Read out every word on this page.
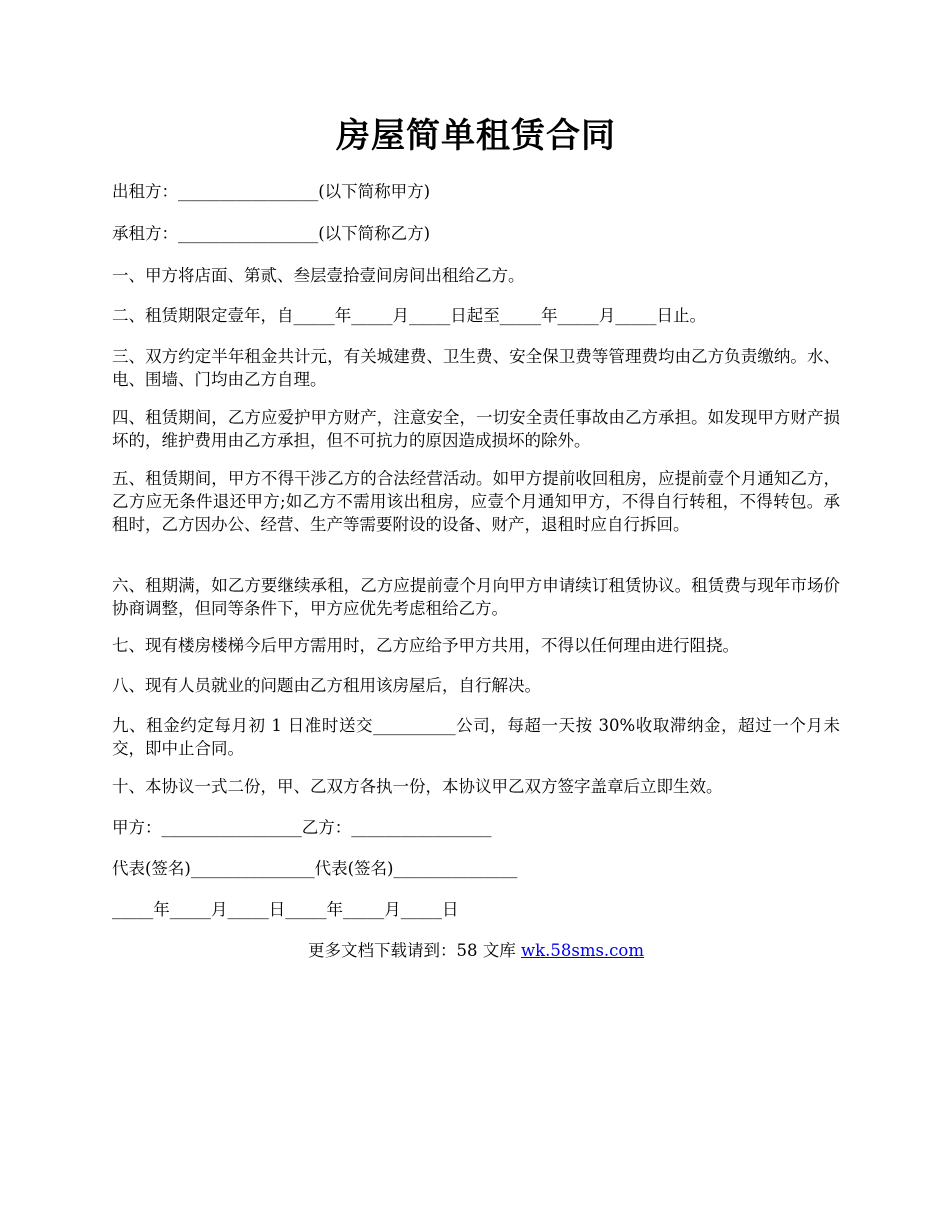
房屋简单租赁合同
出租方：_________________(以下简称甲方)
承租方：_________________(以下简称乙方)
一、甲方将店面、第贰、叁层壹拾壹间房间出租给乙方。
二、租赁期限定壹年，自_____年_____月_____日起至_____年_____月_____日止。
三、双方约定半年租金共计元，有关城建费、卫生费、安全保卫费等管理费均由乙方负责缴纳。水、电、围墙、门均由乙方自理。
四、租赁期间，乙方应爱护甲方财产，注意安全，一切安全责任事故由乙方承担。如发现甲方财产损坏的，维护费用由乙方承担，但不可抗力的原因造成损坏的除外。
五、租赁期间，甲方不得干涉乙方的合法经营活动。如甲方提前收回租房，应提前壹个月通知乙方，乙方应无条件退还甲方;如乙方不需用该出租房，应壹个月通知甲方，不得自行转租，不得转包。承租时，乙方因办公、经营、生产等需要附设的设备、财产，退租时应自行拆回。
六、租期满，如乙方要继续承租，乙方应提前壹个月向甲方申请续订租赁协议。租赁费与现年市场价协商调整，但同等条件下，甲方应优先考虑租给乙方。
七、现有楼房楼梯今后甲方需用时，乙方应给予甲方共用，不得以任何理由进行阻挠。
八、现有人员就业的问题由乙方租用该房屋后，自行解决。
九、租金约定每月初 1 日准时送交__________公司，每超一天按 30%收取滞纳金，超过一个月未交，即中止合同。
十、本协议一式二份，甲、乙双方各执一份，本协议甲乙双方签字盖章后立即生效。
甲方：_________________乙方：_________________
代表(签名)_______________代表(签名)_______________
_____年_____月_____日_____年_____月_____日
更多文档下载请到：58 文库 wk.58sms.com
